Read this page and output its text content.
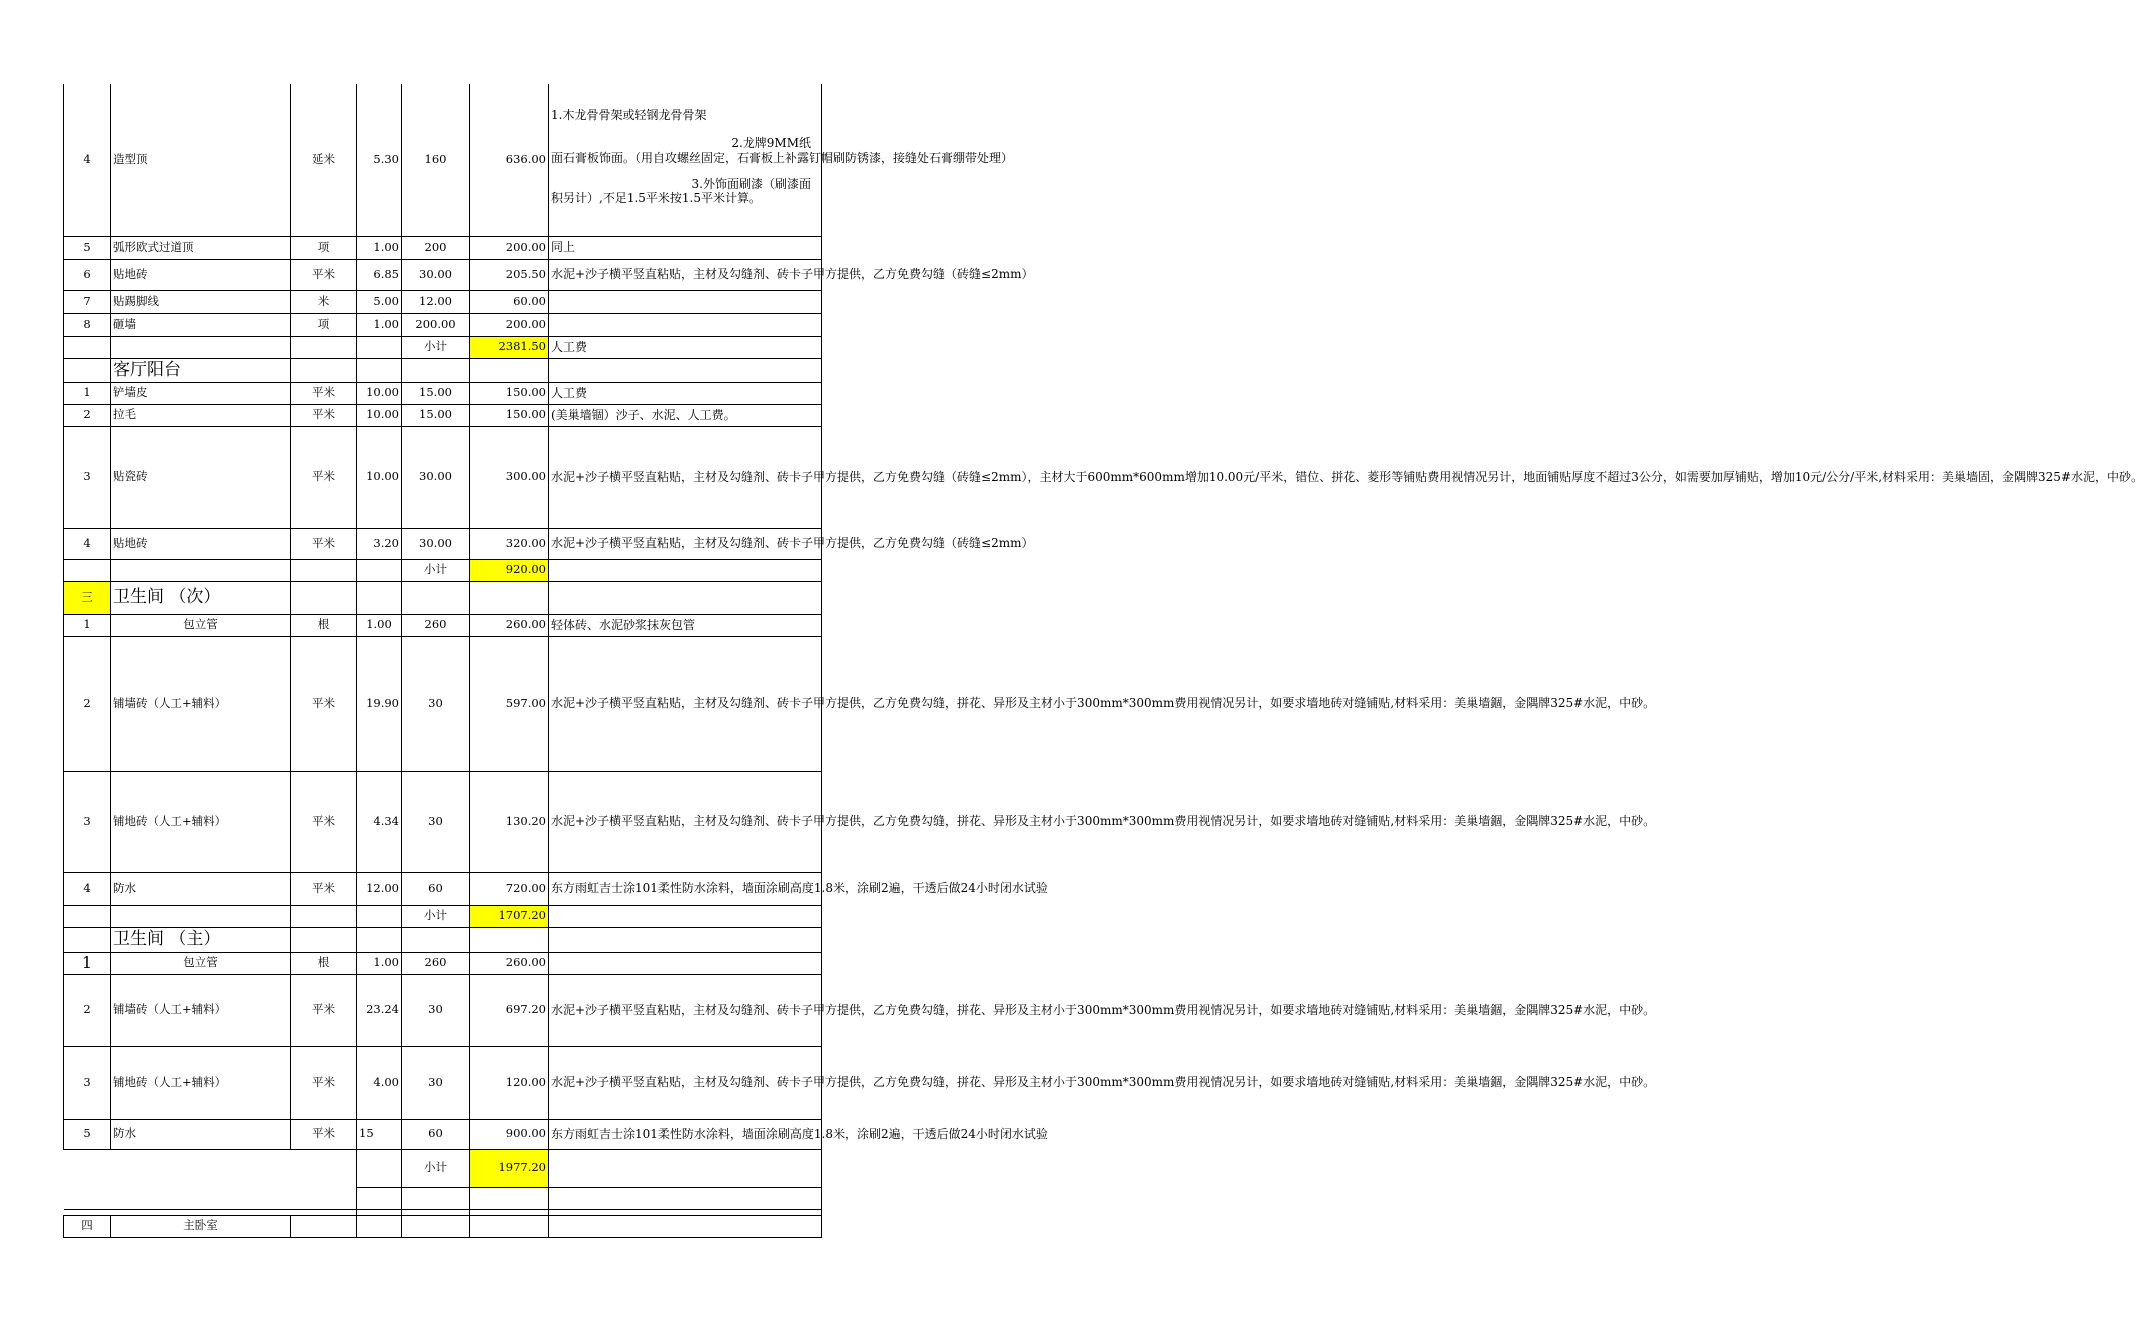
4	造型顶	延米	5.30	160	636.00	1.木龙骨骨架或轻钢龙骨骨架
2.龙牌9MM纸
面石膏板饰面。（用自攻螺丝固定，石膏板上补露钉帽刷防锈漆，接缝处石膏绷带处理）
3.外饰面刷漆（刷漆面
积另计）,不足1.5平米按1.5平米计算。

5	弧形欧式过道顶	项	1.00	200	200.00	同上
6	贴地砖	平米	6.85	30.00	205.50	水泥+沙子横平竖直粘贴，主材及勾缝剂、砖卡子甲方提供，乙方免费勾缝（砖缝≤2mm）
7	贴踢脚线	米	5.00	12.00	60.00	
8	砸墙	项	1.00	200.00	200.00	
				小计	2381.50	人工费
	客厅阳台					
1	铲墙皮	平米	10.00	15.00	150.00	人工费
2	拉毛	平米	10.00	15.00	150.00	(美巢墙锢）沙子、水泥、人工费。
3	贴瓷砖	平米	10.00	30.00	300.00	水泥+沙子横平竖直粘贴，主材及勾缝剂、砖卡子甲方提供，乙方免费勾缝（砖缝≤2mm），主材大于600mm*600mm增加10.00元/平米，错位、拼花、菱形等铺贴费用视情况另计，地面铺贴厚度不超过3公分，如需要加厚铺贴，增加10元/公分/平米,材料采用：美巢墙固，金隅牌325#水泥，中砂。
4	贴地砖	平米	3.20	30.00	320.00	水泥+沙子横平竖直粘贴，主材及勾缝剂、砖卡子甲方提供，乙方免费勾缝（砖缝≤2mm）
				小计	920.00	
三	卫生间 （次）					
1	包立管	根	1.00	260	260.00	轻体砖、水泥砂浆抹灰包管
2	铺墙砖（人工+辅料）	平米	19.90	30	597.00	水泥+沙子横平竖直粘贴，主材及勾缝剂、砖卡子甲方提供，乙方免费勾缝，拼花、异形及主材小于300mm*300mm费用视情况另计，如要求墙地砖对缝铺贴,材料采用：美巢墙錮，金隅牌325#水泥，中砂。
3	铺地砖（人工+辅料）	平米	4.34	30	130.20	水泥+沙子横平竖直粘贴，主材及勾缝剂、砖卡子甲方提供，乙方免费勾缝，拼花、异形及主材小于300mm*300mm费用视情况另计，如要求墙地砖对缝铺贴,材料采用：美巢墙錮，金隅牌325#水泥，中砂。
4	防水	平米	12.00	60	720.00	东方雨虹吉士涂101柔性防水涂料，墙面涂刷高度1.8米，涂刷2遍，干透后做24小时闭水试验
				小计	1707.20	
	卫生间 （主）					
1	包立管	根	1.00	260	260.00	
2	铺墙砖（人工+辅料）	平米	23.24	30	697.20	水泥+沙子横平竖直粘贴，主材及勾缝剂、砖卡子甲方提供，乙方免费勾缝，拼花、异形及主材小于300mm*300mm费用视情况另计，如要求墙地砖对缝铺贴,材料采用：美巢墙錮，金隅牌325#水泥，中砂。
3	铺地砖（人工+辅料）	平米	4.00	30	120.00	水泥+沙子横平竖直粘贴，主材及勾缝剂、砖卡子甲方提供，乙方免费勾缝，拼花、异形及主材小于300mm*300mm费用视情况另计，如要求墙地砖对缝铺贴,材料采用：美巢墙錮，金隅牌325#水泥，中砂。
5	防水	平米	15	60	900.00	东方雨虹吉士涂101柔性防水涂料，墙面涂刷高度1.8米，涂刷2遍，干透后做24小时闭水试验
				小计	1977.20	

四	主卧室					
